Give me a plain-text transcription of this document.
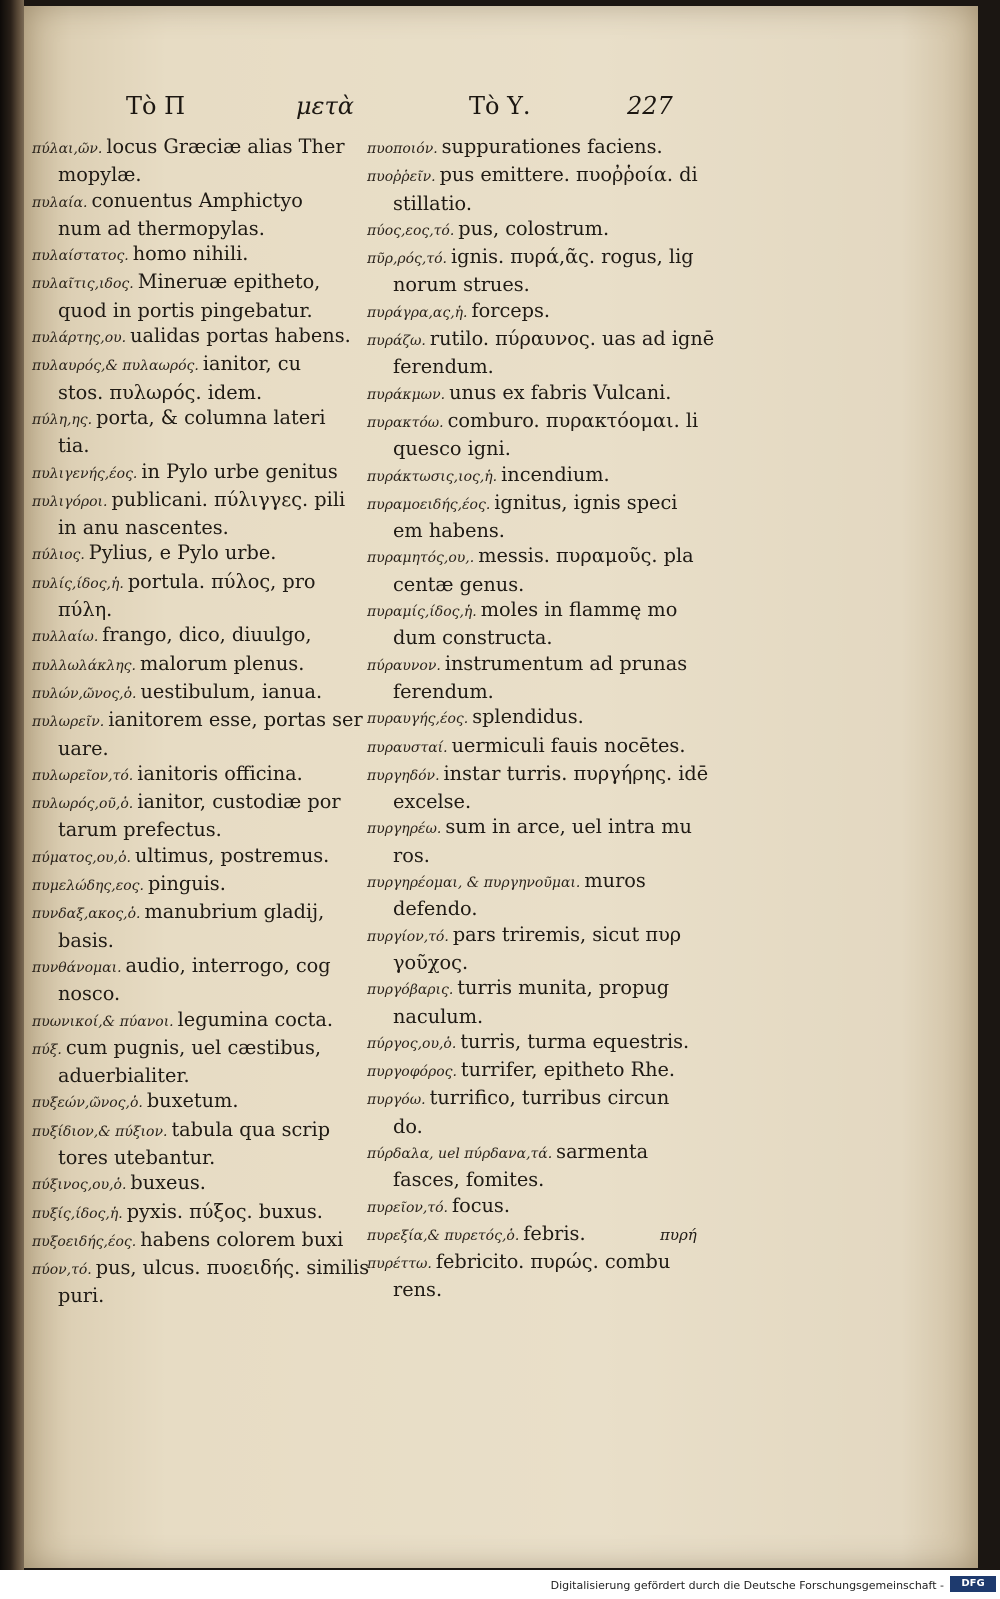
Τὸ Π	μετὰ	Τὸ Υ.	227
πύλαι,ῶν. locus Græciæ alias Ther
mopylæ.
πυλαία. conuentus Amphictyo
num ad thermopylas.
πυλαίστατος. homo nihili.
πυλαῖτις,ιδος. Mineruæ epitheto,
quod in portis pingebatur.
πυλάρτης,ου. ualidas portas habens.
πυλαυρός,& πυλαωρός. ianitor, cu
stos. πυλωρός. idem.
πύλη,ης. porta, & columna lateri
tia.
πυλιγενής,έος. in Pylo urbe genitus
πυλιγόροι. publicani. πύλιγγες. pili
in anu nascentes.
πύλιος. Pylius, e Pylo urbe.
πυλίς,ίδος,ἡ. portula. πύλος, pro
πύλη.
πυλλαίω. frango, dico, diuulgo,
πυλλωλάκλης. malorum plenus.
πυλών,ῶνος,ὁ. uestibulum, ianua.
πυλωρεῖν. ianitorem esse, portas ser
uare.
πυλωρεῖον,τό. ianitoris officina.
πυλωρός,οῦ,ὁ. ianitor, custodiæ por
tarum prefectus.
πύματος,ου,ὁ. ultimus, postremus.
πυμελώδης,εος. pinguis.
πυνδαξ,ακος,ὁ. manubrium gladij,
basis.
πυνθάνομαι. audio, interrogo, cog
nosco.
πυωνικοί,& πύανοι. legumina cocta.
πύξ. cum pugnis, uel cæstibus,
aduerbialiter.
πυξεών,ῶνος,ὁ. buxetum.
πυξίδιον,& πύξιον. tabula qua scrip
tores utebantur.
πύξινος,ου,ὁ. buxeus.
πυξίς,ίδος,ἡ. pyxis. πύξος. buxus.
πυξοειδής,έος. habens colorem buxi
πύον,τό. pus, ulcus. πυοειδής. similis
puri.
πυοποιόν. suppurationes faciens.
πυοῤῥεῖν. pus emittere. πυοῤῥοία. di
stillatio.
πύος,εος,τό. pus, colostrum.
πῦρ,ρός,τό. ignis. πυρά,ᾶς. rogus, lig
norum strues.
πυράγρα,ας,ἡ. forceps.
πυράζω. rutilo. πύραυνος. uas ad ignē
ferendum.
πυράκμων. unus ex fabris Vulcani.
πυρακτόω. comburo. πυρακτόομαι. li
quesco igni.
πυράκτωσις,ιος,ἡ. incendium.
πυραμοειδής,έος. ignitus, ignis speci
em habens.
πυραμητός,ου,. messis. πυραμοῦς. pla
centæ genus.
πυραμίς,ίδος,ἡ. moles in flammę mo
dum constructa.
πύραυνον. instrumentum ad prunas
ferendum.
πυραυγής,έος. splendidus.
πυραυσταί. uermiculi fauis nocētes.
πυργηδόν. instar turris. πυργήρης. idē
excelse.
πυργηρέω. sum in arce, uel intra mu
ros.
πυργηρέομαι, & πυργηνοῦμαι. muros
defendo.
πυργίον,τό. pars triremis, sicut πυρ
γοῦχος.
πυργόβαρις. turris munita, propug
naculum.
πύργος,ου,ὁ. turris, turma equestris.
πυργοφόρος. turrifer, epitheto Rhe.
πυργόω. turrifico, turribus circun
do.
πύρδαλα, uel πύρδανα,τά. sarmenta
fasces, fomites.
πυρεῖον,τό. focus.
πυρεξία,& πυρετός,ὁ. febris.
πυρέττω. febricito. πυρώς. combu
rens.
πυρή
Digitalisierung gefördert durch die Deutsche Forschungsgemeinschaft -	DFG
